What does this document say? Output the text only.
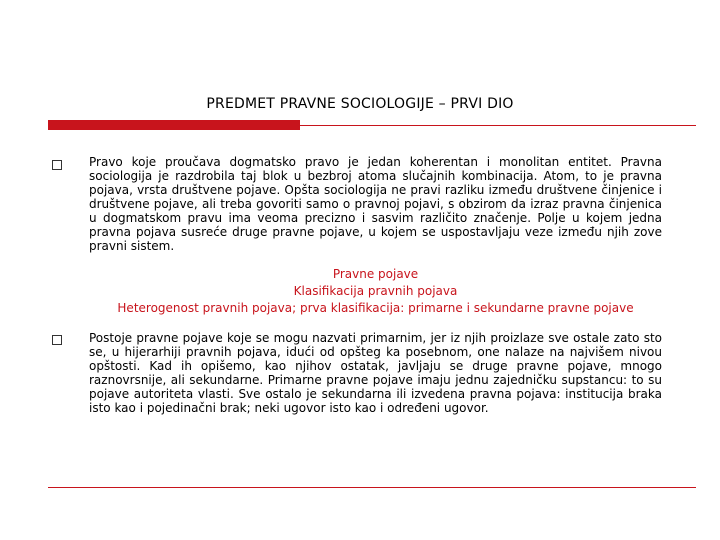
PREDMET PRAVNE SOCIOLOGIJE – PRVI DIO
Pravo koje proučava dogmatsko pravo je jedan koherentan i monolitan entitet. Pravna sociologija je razdrobila taj blok u bezbroj atoma slučajnih kombinacija. Atom, to je pravna pojava, vrsta društvene pojave. Opšta sociologija ne pravi razliku između društvene činjenice i društvene pojave, ali treba govoriti samo o pravnoj pojavi, s obzirom da izraz pravna činjenica u dogmatskom pravu ima veoma precizno i sasvim različito značenje. Polje u kojem jedna pravna pojava susreće druge pravne pojave, u kojem se uspostavljaju veze između njih zove pravni sistem.
Pravne pojave
Klasifikacija pravnih pojava
Heterogenost pravnih pojava; prva klasifikacija: primarne i sekundarne pravne pojave
Postoje pravne pojave koje se mogu nazvati primarnim, jer iz njih proizlaze sve ostale zato sto se, u hijerarhiji pravnih pojava, idući od opšteg ka posebnom, one nalaze na najvišem nivou opštosti. Kad ih opišemo, kao njihov ostatak, javljaju se druge pravne pojave, mnogo raznovrsnije, ali sekundarne. Primarne pravne pojave imaju jednu zajedničku supstancu: to su pojave autoriteta vlasti. Sve ostalo je sekundarna ili izvedena pravna pojava: institucija braka isto kao i pojedinačni brak; neki ugovor isto kao i određeni ugovor.
